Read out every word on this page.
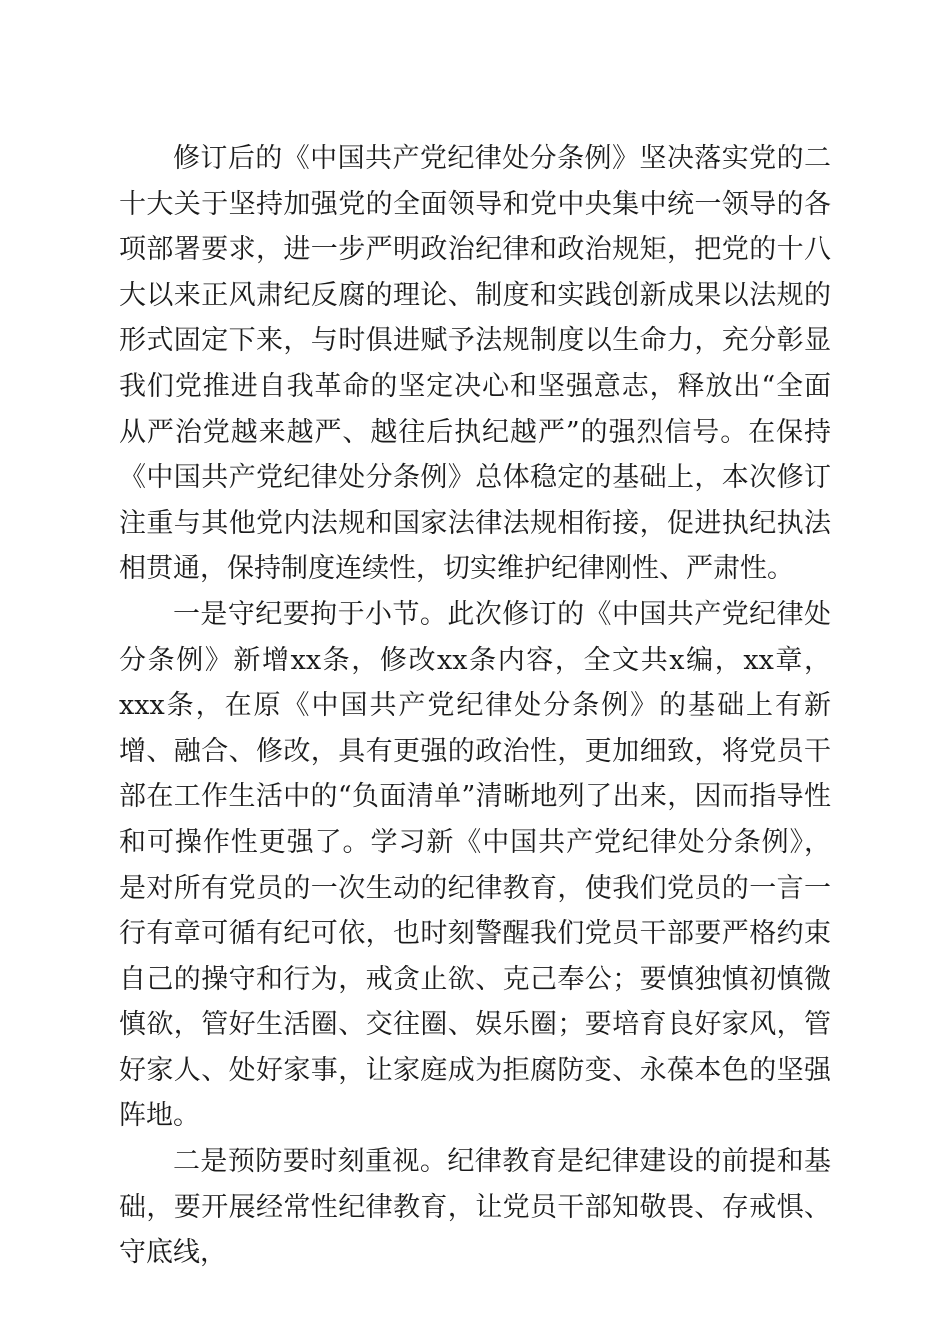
修订后的《中国共产党纪律处分条例》坚决落实党的二十大关于坚持加强党的全面领导和党中央集中统一领导的各项部署要求，进一步严明政治纪律和政治规矩，把党的十八大以来正风肃纪反腐的理论、制度和实践创新成果以法规的形式固定下来，与时俱进赋予法规制度以生命力，充分彰显我们党推进自我革命的坚定决心和坚强意志，释放出“全面从严治党越来越严、越往后执纪越严”的强烈信号。在保持《中国共产党纪律处分条例》总体稳定的基础上，本次修订注重与其他党内法规和国家法律法规相衔接，促进执纪执法相贯通，保持制度连续性，切实维护纪律刚性、严肃性。

一是守纪要拘于小节。此次修订的《中国共产党纪律处分条例》新增xx条，修改xx条内容，全文共x编，xx章，xxx条，在原《中国共产党纪律处分条例》的基础上有新增、融合、修改，具有更强的政治性，更加细致，将党员干部在工作生活中的“负面清单”清晰地列了出来，因而指导性和可操作性更强了。学习新《中国共产党纪律处分条例》，是对所有党员的一次生动的纪律教育，使我们党员的一言一行有章可循有纪可依，也时刻警醒我们党员干部要严格约束自己的操守和行为，戒贪止欲、克己奉公；要慎独慎初慎微慎欲，管好生活圈、交往圈、娱乐圈；要培育良好家风，管好家人、处好家事，让家庭成为拒腐防变、永葆本色的坚强阵地。

二是预防要时刻重视。纪律教育是纪律建设的前提和基础，要开展经常性纪律教育，让党员干部知敬畏、存戒惧、守底线，
